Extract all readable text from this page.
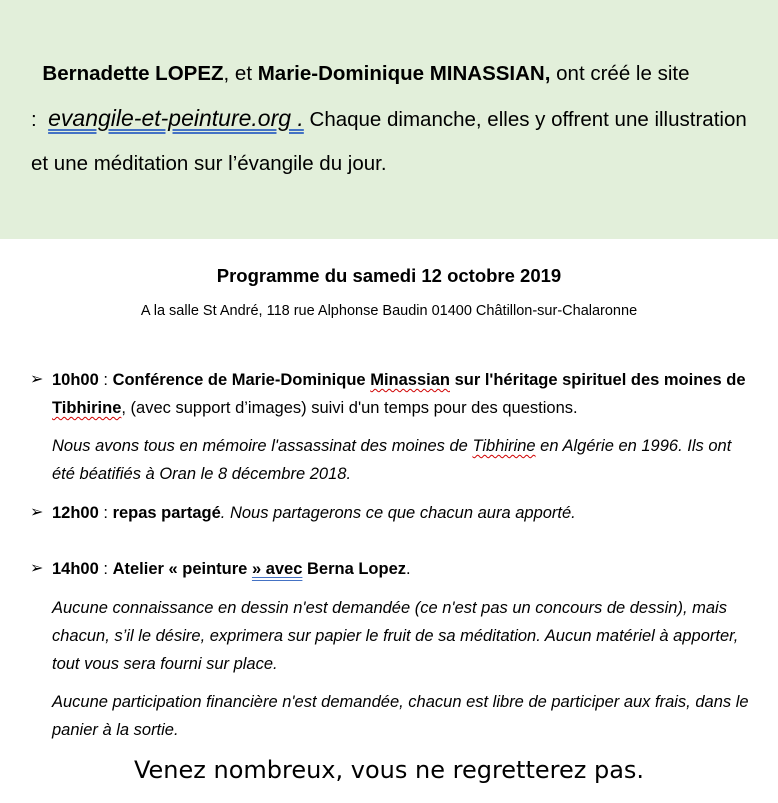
Bernadette LOPEZ, et Marie-Dominique MINASSIAN, ont créé le site : evangile-et-peinture.org . Chaque dimanche, elles y offrent une illustration et une méditation sur l’évangile du jour.
Programme du samedi 12 octobre 2019
A la salle St André, 118 rue Alphonse Baudin 01400 Châtillon-sur-Chalaronne
➢ 10h00 : Conférence de Marie-Dominique Minassian sur l'héritage spirituel des moines de Tibhirine, (avec support d’images) suivi d'un temps pour des questions.
Nous avons tous en mémoire l'assassinat des moines de Tibhirine en Algérie en 1996. Ils ont été béatifiés à Oran le 8 décembre 2018.
➢ 12h00 : repas partagé. Nous partagerons ce que chacun aura apporté.
➢ 14h00 : Atelier « peinture » avec Berna Lopez.
Aucune connaissance en dessin n'est demandée (ce n'est pas un concours de dessin), mais chacun, s’il le désire, exprimera sur papier le fruit de sa méditation. Aucun matériel à apporter, tout vous sera fourni sur place.
Aucune participation financière n'est demandée, chacun est libre de participer aux frais, dans le panier à la sortie.
Venez nombreux, vous ne regretterez pas.
